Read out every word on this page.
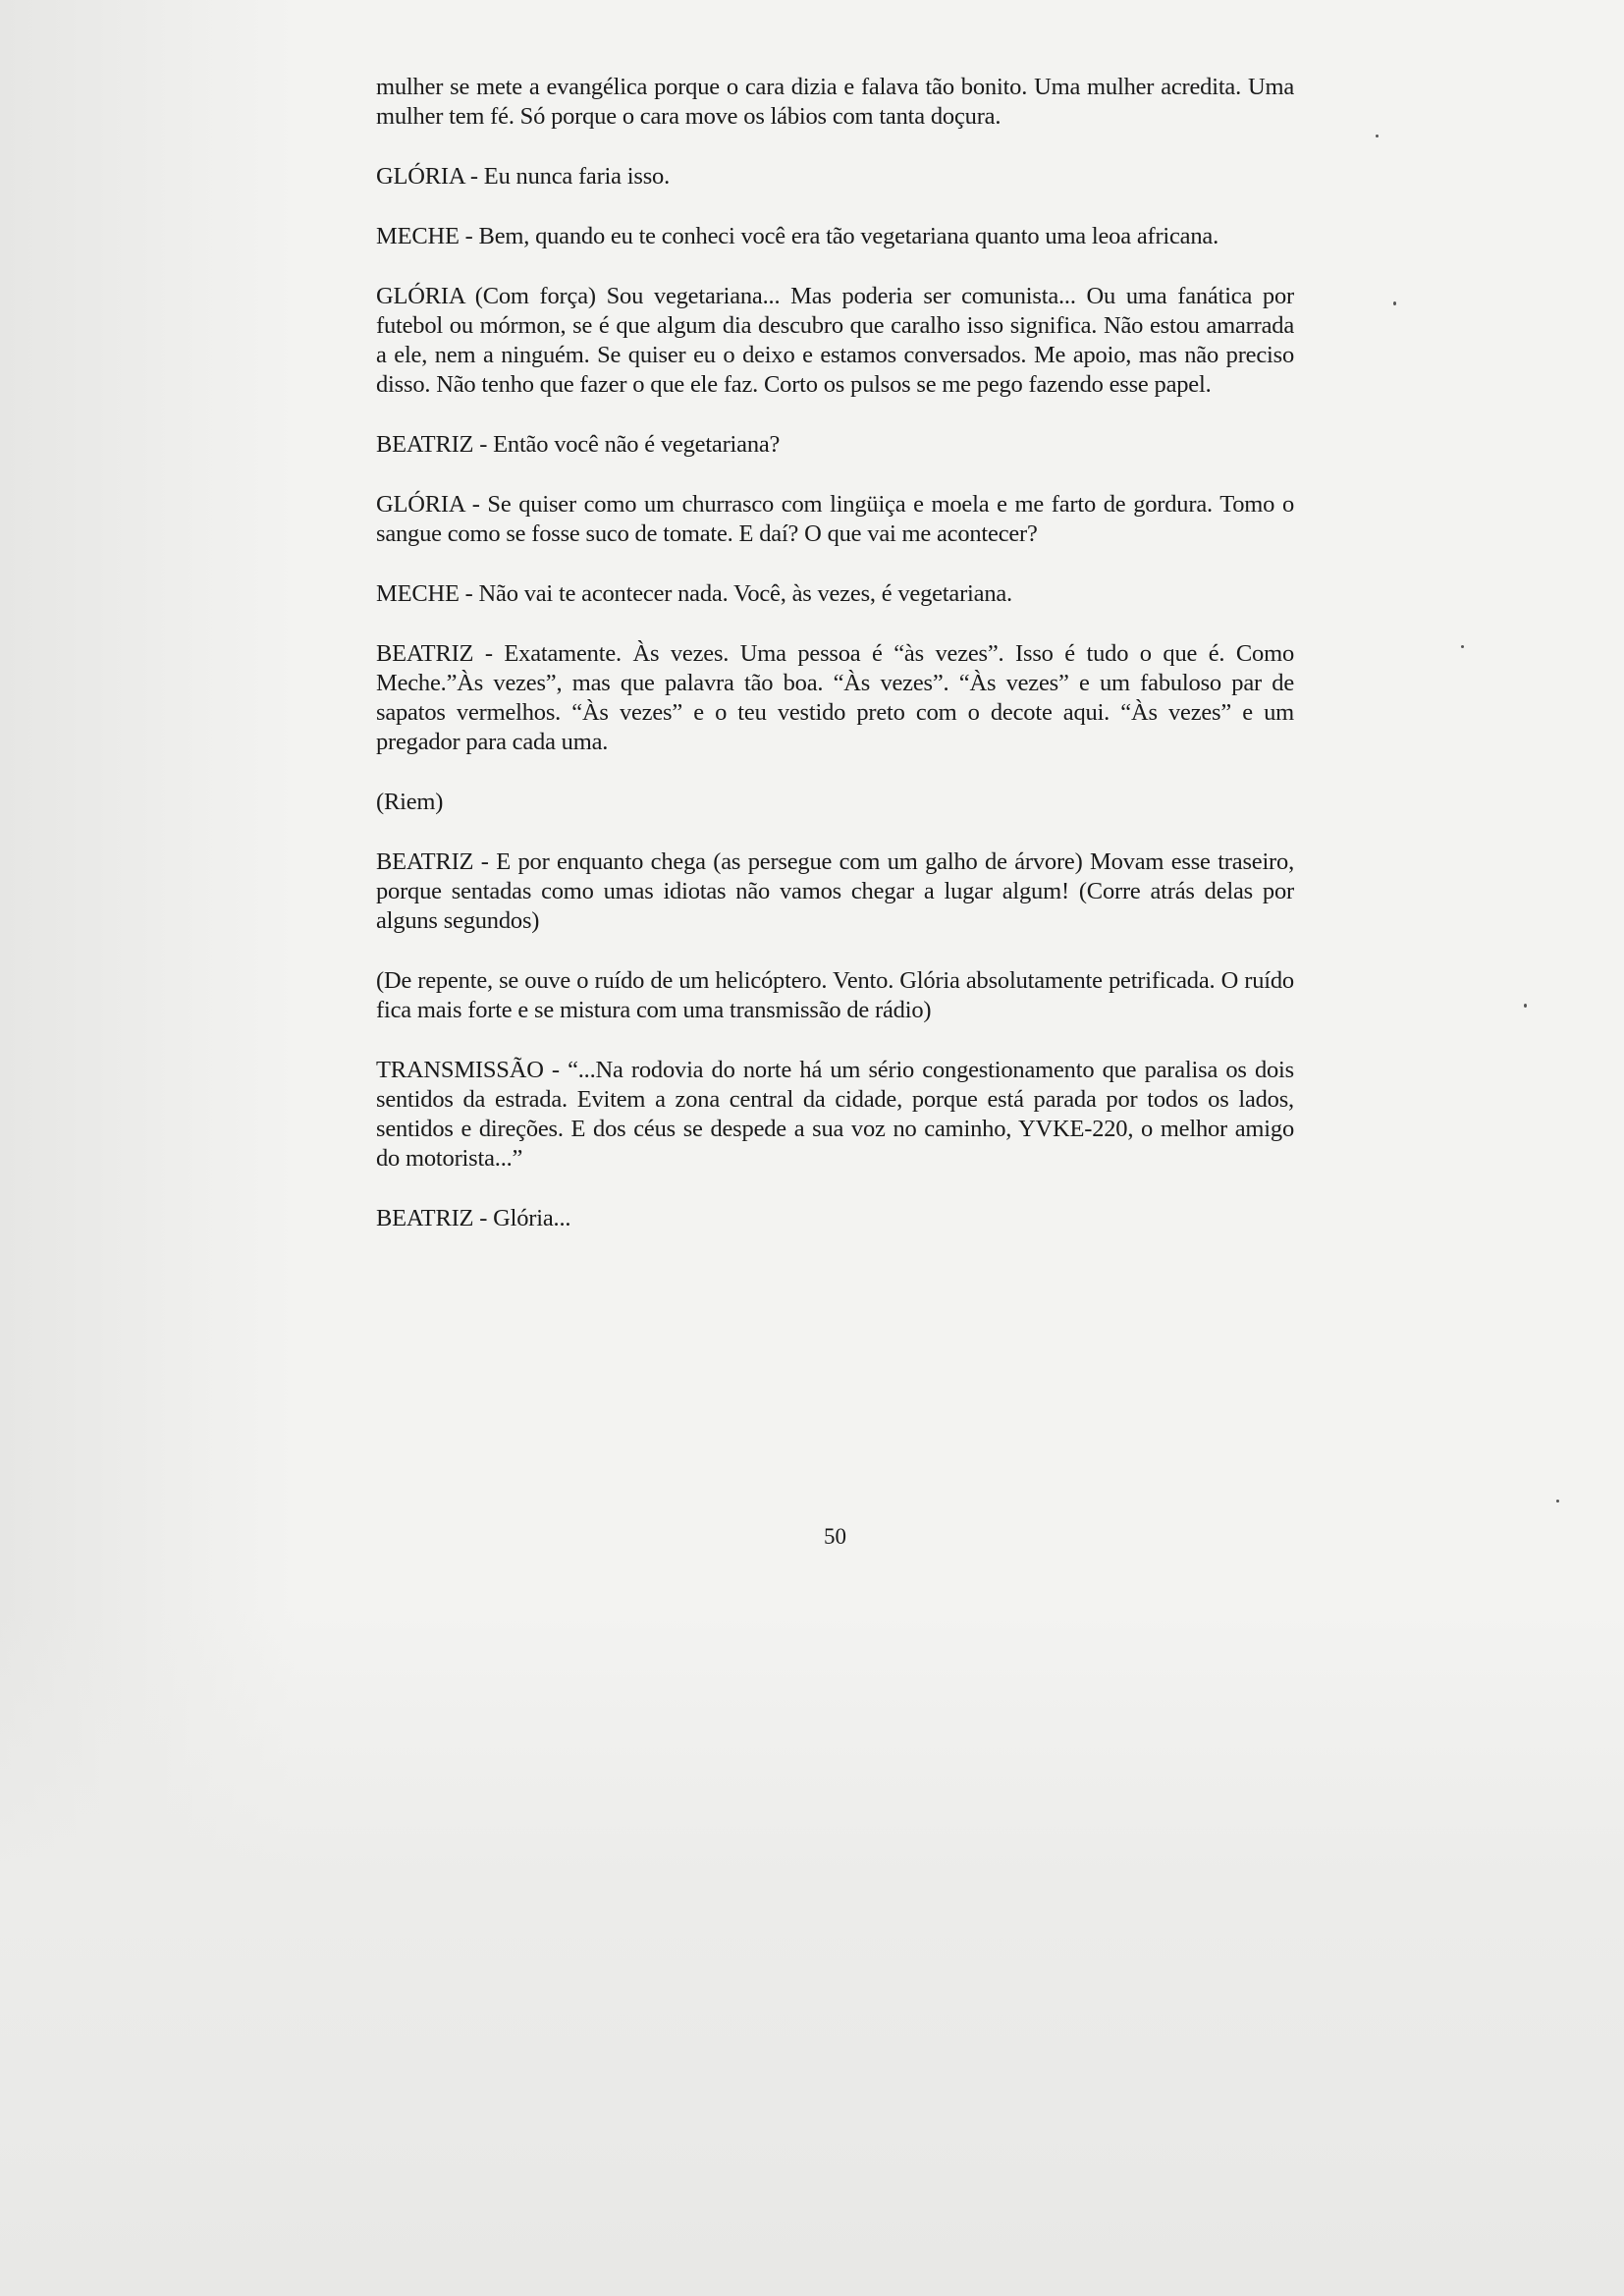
mulher se mete a evangélica porque o cara dizia e falava tão bonito. Uma mulher acredita. Uma mulher tem fé. Só porque o cara move os lábios com tanta doçura.

GLÓRIA - Eu nunca faria isso.

MECHE - Bem, quando eu te conheci você era tão vegetariana quanto uma leoa africana.

GLÓRIA (Com força) Sou vegetariana... Mas poderia ser comunista... Ou uma fanática por futebol ou mórmon, se é que algum dia descubro que caralho isso significa. Não estou amarrada a ele, nem a ninguém. Se quiser eu o deixo e estamos conversados. Me apoio, mas não preciso disso. Não tenho que fazer o que ele faz. Corto os pulsos se me pego fazendo esse papel.

BEATRIZ - Então você não é vegetariana?

GLÓRIA - Se quiser como um churrasco com lingüiça e moela e me farto de gordura. Tomo o sangue como se fosse suco de tomate. E daí? O que vai me acontecer?

MECHE - Não vai te acontecer nada. Você, às vezes, é vegetariana.

BEATRIZ - Exatamente. Às vezes. Uma pessoa é “às vezes”. Isso é tudo o que é. Como Meche.”Às vezes”, mas que palavra tão boa. “Às vezes”. “Às vezes” e um fabuloso par de sapatos vermelhos. “Às vezes” e o teu vestido preto com o decote aqui. “Às vezes” e um pregador para cada uma.

(Riem)

BEATRIZ - E por enquanto chega (as persegue com um galho de árvore) Movam esse traseiro, porque sentadas como umas idiotas não vamos chegar a lugar algum! (Corre atrás delas por alguns segundos)

(De repente, se ouve o ruído de um helicóptero. Vento. Glória absolutamente petrificada. O ruído fica mais forte e se mistura com uma transmissão de rádio)

TRANSMISSÃO - “...Na rodovia do norte há um sério congestionamento que paralisa os dois sentidos da estrada. Evitem a zona central da cidade, porque está parada por todos os lados, sentidos e direções. E dos céus se despede a sua voz no caminho, YVKE-220, o melhor amigo do motorista...”

BEATRIZ - Glória...

50
